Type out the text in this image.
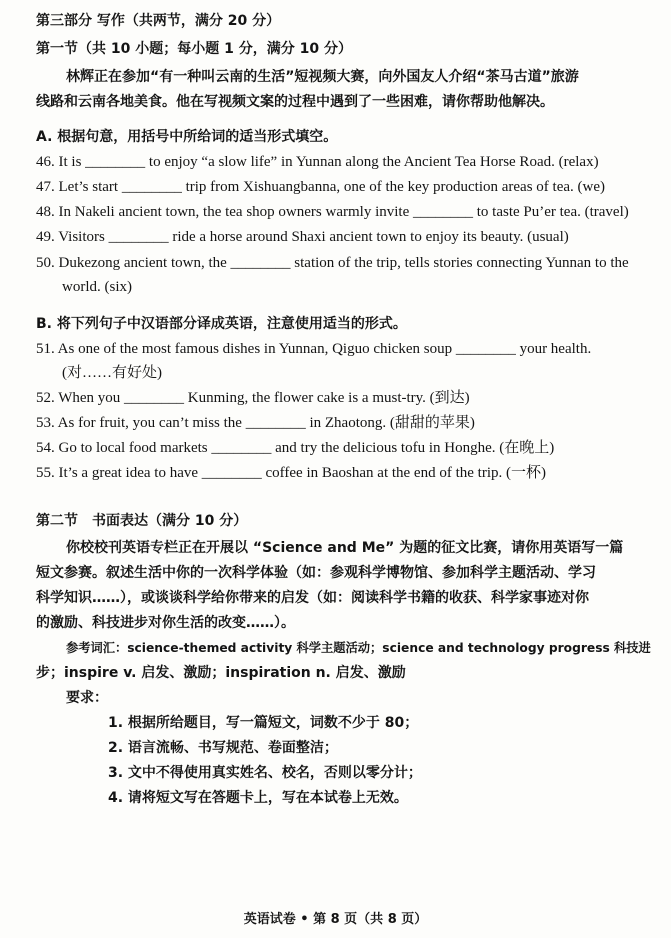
第三部分 写作（共两节，满分 20 分）
第一节（共 10 小题；每小题 1 分，满分 10 分）
林辉正在参加“有一种叫云南的生活”短视频大赛，向外国友人介绍“茶马古道”旅游
线路和云南各地美食。他在写视频文案的过程中遇到了一些困难，请你帮助他解决。
A. 根据句意，用括号中所给词的适当形式填空。
46. It is ________ to enjoy “a slow life” in Yunnan along the Ancient Tea Horse Road. (relax)
47. Let’s start ________ trip from Xishuangbanna, one of the key production areas of tea. (we)
48. In Nakeli ancient town, the tea shop owners warmly invite ________ to taste Pu’er tea. (travel)
49. Visitors ________ ride a horse around Shaxi ancient town to enjoy its beauty. (usual)
50. Dukezong ancient town, the ________ station of the trip, tells stories connecting Yunnan to the
world. (six)
B. 将下列句子中汉语部分译成英语，注意使用适当的形式。
51. As one of the most famous dishes in Yunnan, Qiguo chicken soup ________ your health.
(对……有好处)
52. When you ________ Kunming, the flower cake is a must-try. (到达)
53. As for fruit, you can’t miss the ________ in Zhaotong. (甜甜的苹果)
54. Go to local food markets ________ and try the delicious tofu in Honghe. (在晚上)
55. It’s a great idea to have ________ coffee in Baoshan at the end of the trip. (一杯)
第二节　书面表达（满分 10 分）
你校校刊英语专栏正在开展以 “Science and Me” 为题的征文比赛，请你用英语写一篇
短文参赛。叙述生活中你的一次科学体验（如：参观科学博物馆、参加科学主题活动、学习
科学知识……），或谈谈科学给你带来的启发（如：阅读科学书籍的收获、科学家事迹对你
的激励、科技进步对你生活的改变……）。
参考词汇：science-themed activity 科学主题活动；science and technology progress 科技进
步；inspire v. 启发、激励；inspiration n. 启发、激励
要求：
1. 根据所给题目，写一篇短文，词数不少于 80；
2. 语言流畅、书写规范、卷面整洁；
3. 文中不得使用真实姓名、校名，否则以零分计；
4. 请将短文写在答题卡上，写在本试卷上无效。
英语试卷 • 第 8 页（共 8 页）
